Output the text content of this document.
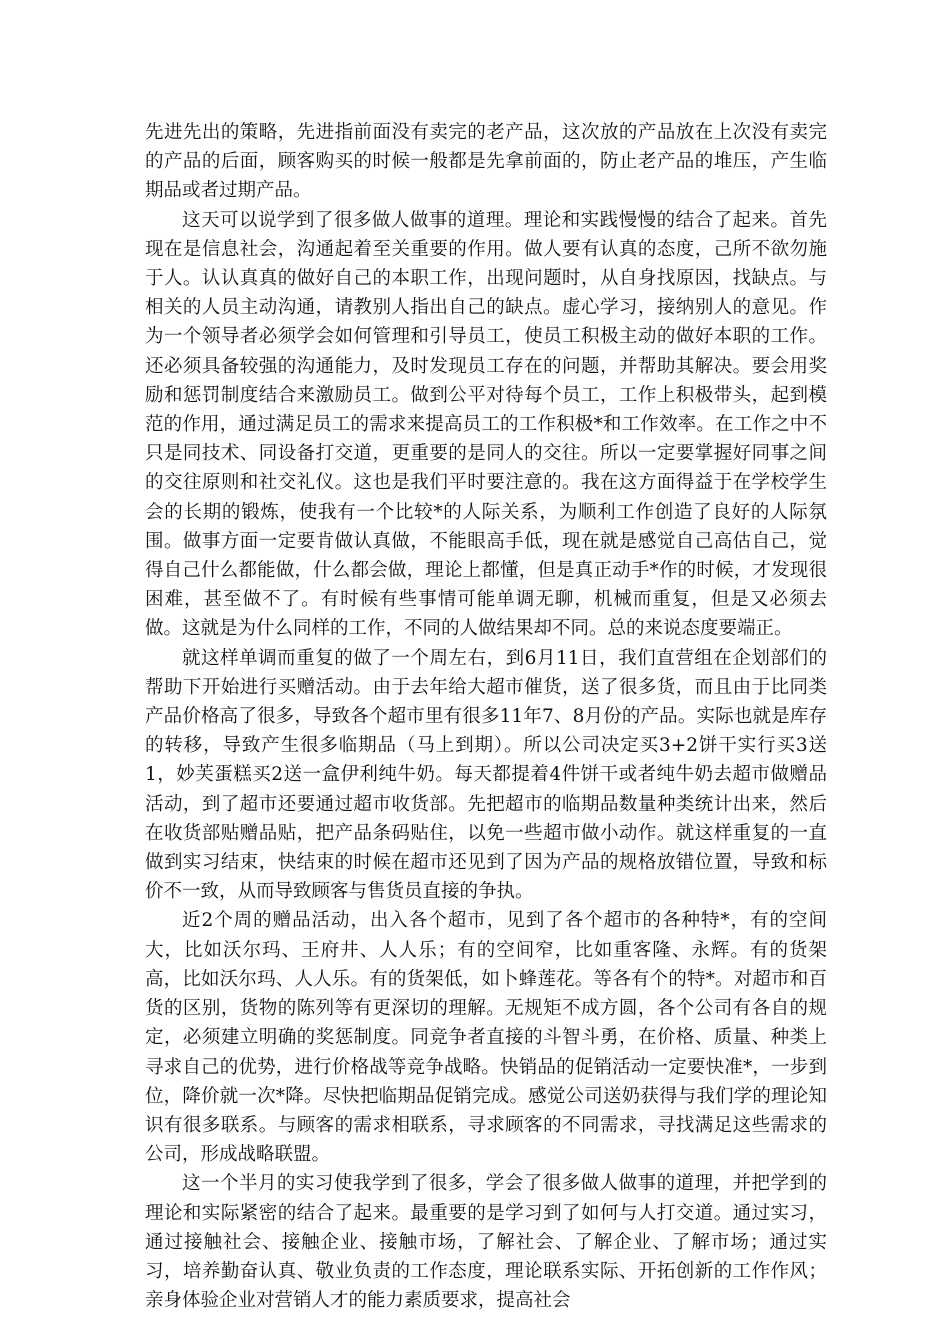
先进先出的策略，先进指前面没有卖完的老产品，这次放的产品放在上次没有卖完的产品的后面，顾客购买的时候一般都是先拿前面的，防止老产品的堆压，产生临期品或者过期产品。

这天可以说学到了很多做人做事的道理。理论和实践慢慢的结合了起来。首先现在是信息社会，沟通起着至关重要的作用。做人要有认真的态度，己所不欲勿施于人。认认真真的做好自己的本职工作，出现问题时，从自身找原因，找缺点。与相关的人员主动沟通，请教别人指出自己的缺点。虚心学习，接纳别人的意见。作为一个领导者必须学会如何管理和引导员工，使员工积极主动的做好本职的工作。还必须具备较强的沟通能力，及时发现员工存在的问题，并帮助其解决。要会用奖励和惩罚制度结合来激励员工。做到公平对待每个员工，工作上积极带头，起到模范的作用，通过满足员工的需求来提高员工的工作积极*和工作效率。在工作之中不只是同技术、同设备打交道，更重要的是同人的交往。所以一定要掌握好同事之间的交往原则和社交礼仪。这也是我们平时要注意的。我在这方面得益于在学校学生会的长期的锻炼，使我有一个比较*的人际关系，为顺利工作创造了良好的人际氛围。做事方面一定要肯做认真做，不能眼高手低，现在就是感觉自己高估自己，觉得自己什么都能做，什么都会做，理论上都懂，但是真正动手*作的时候，才发现很困难，甚至做不了。有时候有些事情可能单调无聊，机械而重复，但是又必须去做。这就是为什么同样的工作，不同的人做结果却不同。总的来说态度要端正。

就这样单调而重复的做了一个周左右，到6月11日，我们直营组在企划部们的帮助下开始进行买赠活动。由于去年给大超市催货，送了很多货，而且由于比同类产品价格高了很多，导致各个超市里有很多11年7、8月份的产品。实际也就是库存的转移，导致产生很多临期品（马上到期）。所以公司决定买3+2饼干实行买3送1，妙芙蛋糕买2送一盒伊利纯牛奶。每天都提着4件饼干或者纯牛奶去超市做赠品活动，到了超市还要通过超市收货部。先把超市的临期品数量种类统计出来，然后在收货部贴赠品贴，把产品条码贴住，以免一些超市做小动作。就这样重复的一直做到实习结束，快结束的时候在超市还见到了因为产品的规格放错位置，导致和标价不一致，从而导致顾客与售货员直接的争执。

近2个周的赠品活动，出入各个超市，见到了各个超市的各种特*，有的空间大，比如沃尔玛、王府井、人人乐；有的空间窄，比如重客隆、永辉。有的货架高，比如沃尔玛、人人乐。有的货架低，如卜蜂莲花。等各有个的特*。对超市和百货的区别，货物的陈列等有更深切的理解。无规矩不成方圆，各个公司有各自的规定，必须建立明确的奖惩制度。同竞争者直接的斗智斗勇，在价格、质量、种类上寻求自己的优势，进行价格战等竞争战略。快销品的促销活动一定要快准*，一步到位，降价就一次*降。尽快把临期品促销完成。感觉公司送奶获得与我们学的理论知识有很多联系。与顾客的需求相联系，寻求顾客的不同需求，寻找满足这些需求的公司，形成战略联盟。

这一个半月的实习使我学到了很多，学会了很多做人做事的道理，并把学到的理论和实际紧密的结合了起来。最重要的是学习到了如何与人打交道。通过实习，通过接触社会、接触企业、接触市场，了解社会、了解企业、了解市场；通过实习，培养勤奋认真、敬业负责的工作态度，理论联系实际、开拓创新的工作作风；亲身体验企业对营销人才的能力素质要求，提高社会
